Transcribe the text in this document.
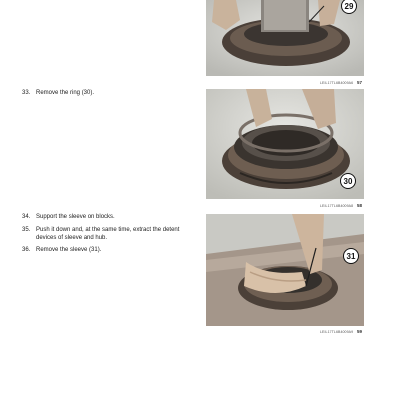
29
LEIL17TL6B4009A6 57
33. Remove the ring (30).
30
LEIL17TL6B4009A8 58
34. Support the sleeve on blocks.
35. Push it down and, at the same time, extract the detent devices of sleeve and hub.
36. Remove the sleeve (31).
31
LEIL17TL6B4009A9 59
